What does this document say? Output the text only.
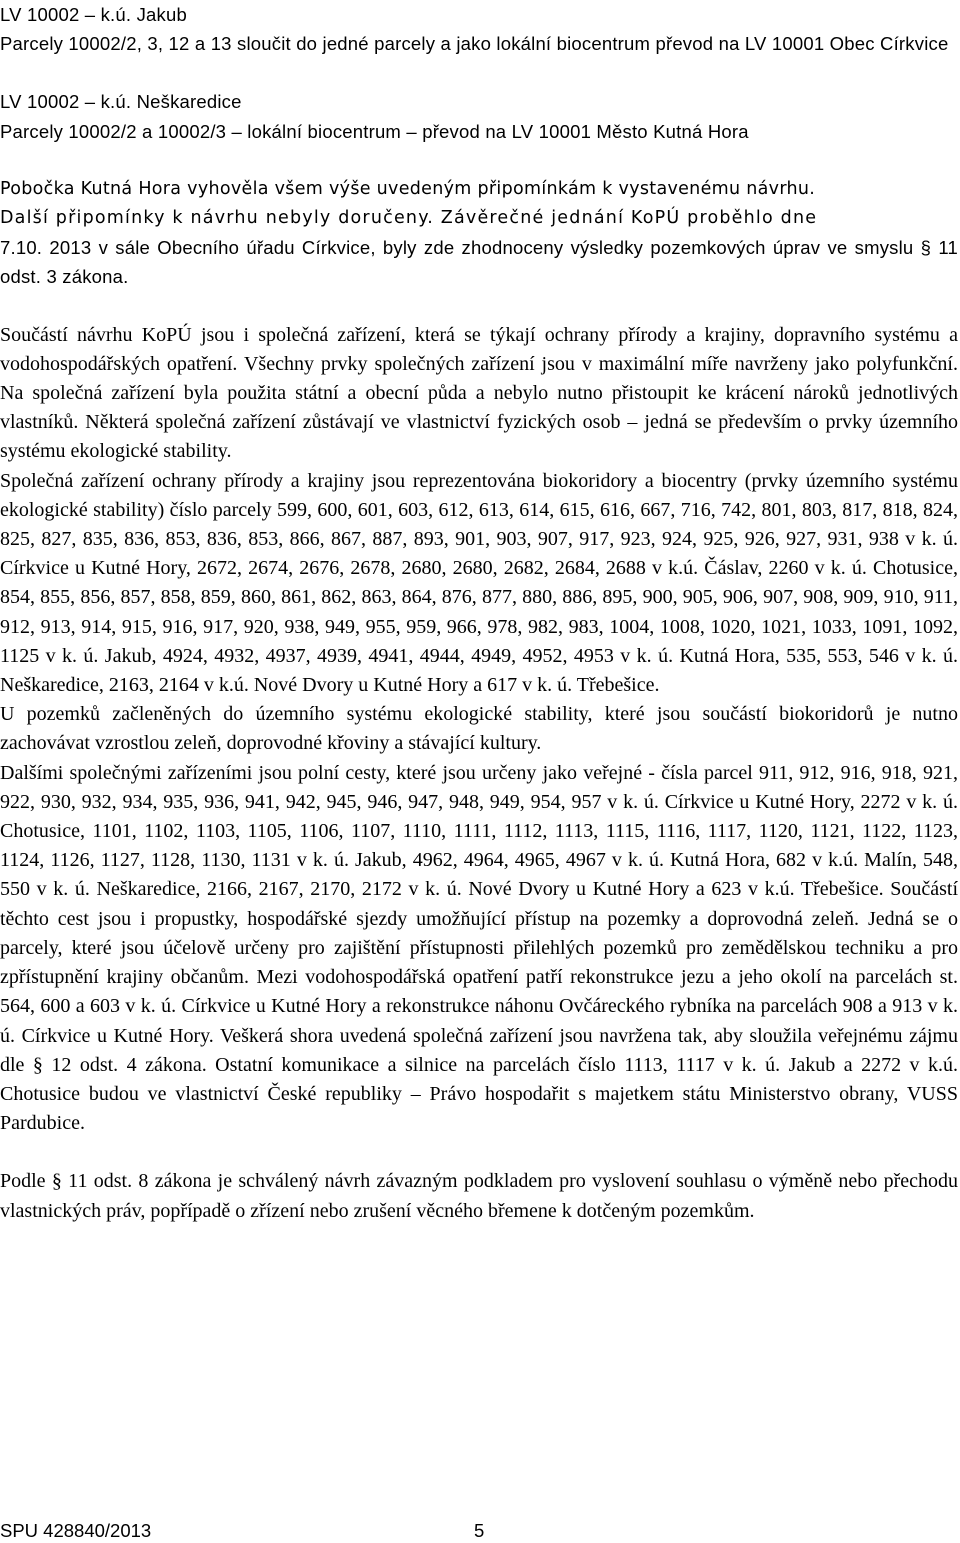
LV 10002 – k.ú. Jakub

Parcely 10002/2, 3, 12 a 13 sloučit do jedné parcely a jako lokální biocentrum převod na LV 10001 Obec Církvice

LV 10002 – k.ú. Neškaredice

Parcely 10002/2 a 10002/3 – lokální biocentrum – převod na LV 10001 Město Kutná Hora

Pobočka Kutná Hora vyhověla všem výše uvedeným připomínkám k vystavenému návrhu.

Další připomínky k návrhu nebyly doručeny. Závěrečné jednání KoPÚ proběhlo dne

7.10. 2013 v sále Obecního úřadu Církvice, byly zde zhodnoceny výsledky pozemkových úprav ve smyslu § 11 odst. 3 zákona.

Součástí návrhu KoPÚ jsou i společná zařízení, která se týkají ochrany přírody a krajiny, dopravního systému a vodohospodářských opatření. Všechny prvky společných zařízení jsou v maximální míře navrženy jako polyfunkční. Na společná zařízení byla použita státní a obecní půda a nebylo nutno přistoupit ke krácení nároků jednotlivých vlastníků. Některá společná zařízení zůstávají ve vlastnictví fyzických osob – jedná se především o prvky územního systému ekologické stability.

Společná zařízení ochrany přírody a krajiny jsou reprezentována biokoridory a biocentry (prvky územního systému ekologické stability) číslo parcely 599, 600, 601, 603, 612, 613, 614, 615, 616, 667, 716, 742, 801, 803, 817, 818, 824, 825, 827, 835, 836, 853, 836, 853, 866, 867, 887, 893, 901, 903, 907, 917, 923, 924, 925, 926, 927, 931, 938 v k. ú. Církvice u Kutné Hory, 2672, 2674, 2676, 2678, 2680, 2680, 2682, 2684, 2688 v k.ú. Čáslav, 2260 v k. ú. Chotusice, 854, 855, 856, 857, 858, 859, 860, 861, 862, 863, 864, 876, 877, 880, 886, 895, 900, 905, 906, 907, 908, 909, 910, 911, 912, 913, 914, 915, 916, 917, 920, 938, 949, 955, 959, 966, 978, 982, 983, 1004, 1008, 1020, 1021, 1033, 1091, 1092, 1125 v k. ú. Jakub, 4924, 4932, 4937, 4939, 4941, 4944, 4949, 4952, 4953 v k. ú. Kutná Hora, 535, 553, 546 v k. ú. Neškaredice, 2163, 2164 v k.ú. Nové Dvory u Kutné Hory a 617 v k. ú. Třebešice.

U pozemků začleněných do územního systému ekologické stability, které jsou součástí biokoridorů je nutno zachovávat vzrostlou zeleň, doprovodné křoviny a stávající kultury.

Dalšími společnými zařízeními jsou polní cesty, které jsou určeny jako veřejné - čísla parcel 911, 912, 916, 918, 921, 922, 930, 932, 934, 935, 936, 941, 942, 945, 946, 947, 948, 949, 954, 957 v k. ú. Církvice u Kutné Hory, 2272 v k. ú. Chotusice, 1101, 1102, 1103, 1105, 1106, 1107, 1110, 1111, 1112, 1113, 1115, 1116, 1117, 1120, 1121, 1122, 1123, 1124, 1126, 1127, 1128, 1130, 1131 v k. ú. Jakub, 4962, 4964, 4965, 4967 v k. ú. Kutná Hora, 682 v k.ú. Malín, 548, 550 v k. ú. Neškaredice, 2166, 2167, 2170, 2172 v k. ú. Nové Dvory u Kutné Hory a 623 v k.ú. Třebešice. Součástí těchto cest jsou i propustky, hospodářské sjezdy umožňující přístup na pozemky a doprovodná zeleň. Jedná se o parcely, které jsou účelově určeny pro zajištění přístupnosti přilehlých pozemků pro zemědělskou techniku a pro zpřístupnění krajiny občanům. Mezi vodohospodářská opatření patří rekonstrukce jezu a jeho okolí na parcelách st. 564, 600 a 603 v k. ú. Církvice u Kutné Hory a rekonstrukce náhonu Ovčáreckého rybníka na parcelách 908 a 913 v k. ú. Církvice u Kutné Hory. Veškerá shora uvedená společná zařízení jsou navržena tak, aby sloužila veřejnému zájmu dle § 12 odst. 4 zákona. Ostatní komunikace a silnice na parcelách číslo 1113, 1117 v k. ú. Jakub a 2272 v k.ú. Chotusice budou ve vlastnictví České republiky – Právo hospodařit s majetkem státu Ministerstvo obrany, VUSS Pardubice.

Podle § 11 odst. 8 zákona je schválený návrh závazným podkladem pro vyslovení souhlasu o výměně nebo přechodu vlastnických práv, popřípadě o zřízení nebo zrušení věcného břemene k dotčeným pozemkům.

SPU 428840/2013	5
